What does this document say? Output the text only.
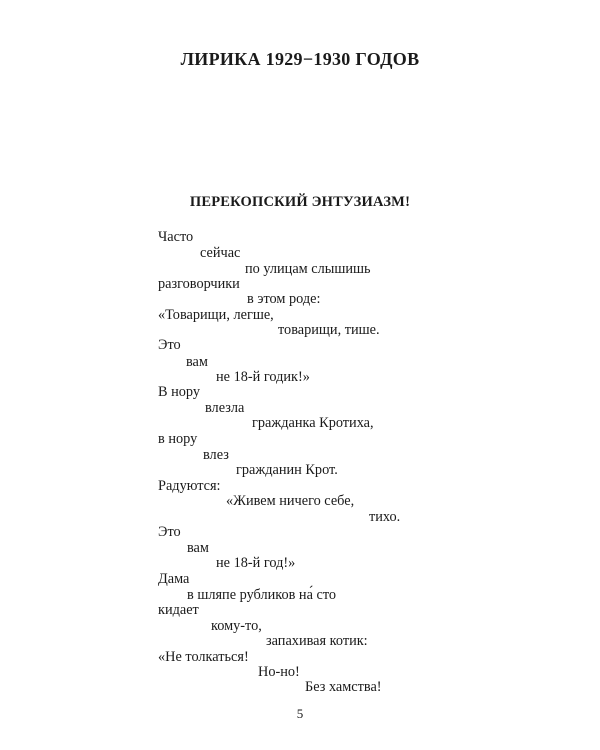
ЛИРИКА 1929−1930 ГОДОВ
ПЕРЕКОПСКИЙ ЭНТУЗИАЗМ!
Часто
сейчас
по улицам слышишь
разговорчики
в этом роде:
«Товарищи, легше,
товарищи, тише.
Это
вам
не 18-й годик!»
В нору
влезла
гражданка Кротиха,
в нору
влез
гражданин Крот.
Радуются:
«Живем ничего себе,
тихо.
Это
вам
не 18-й год!»
Дама
в шляпе рубликов на́ сто
кидает
кому-то,
запахивая котик:
«Не толкаться!
Но-но!
Без хамства!
5
